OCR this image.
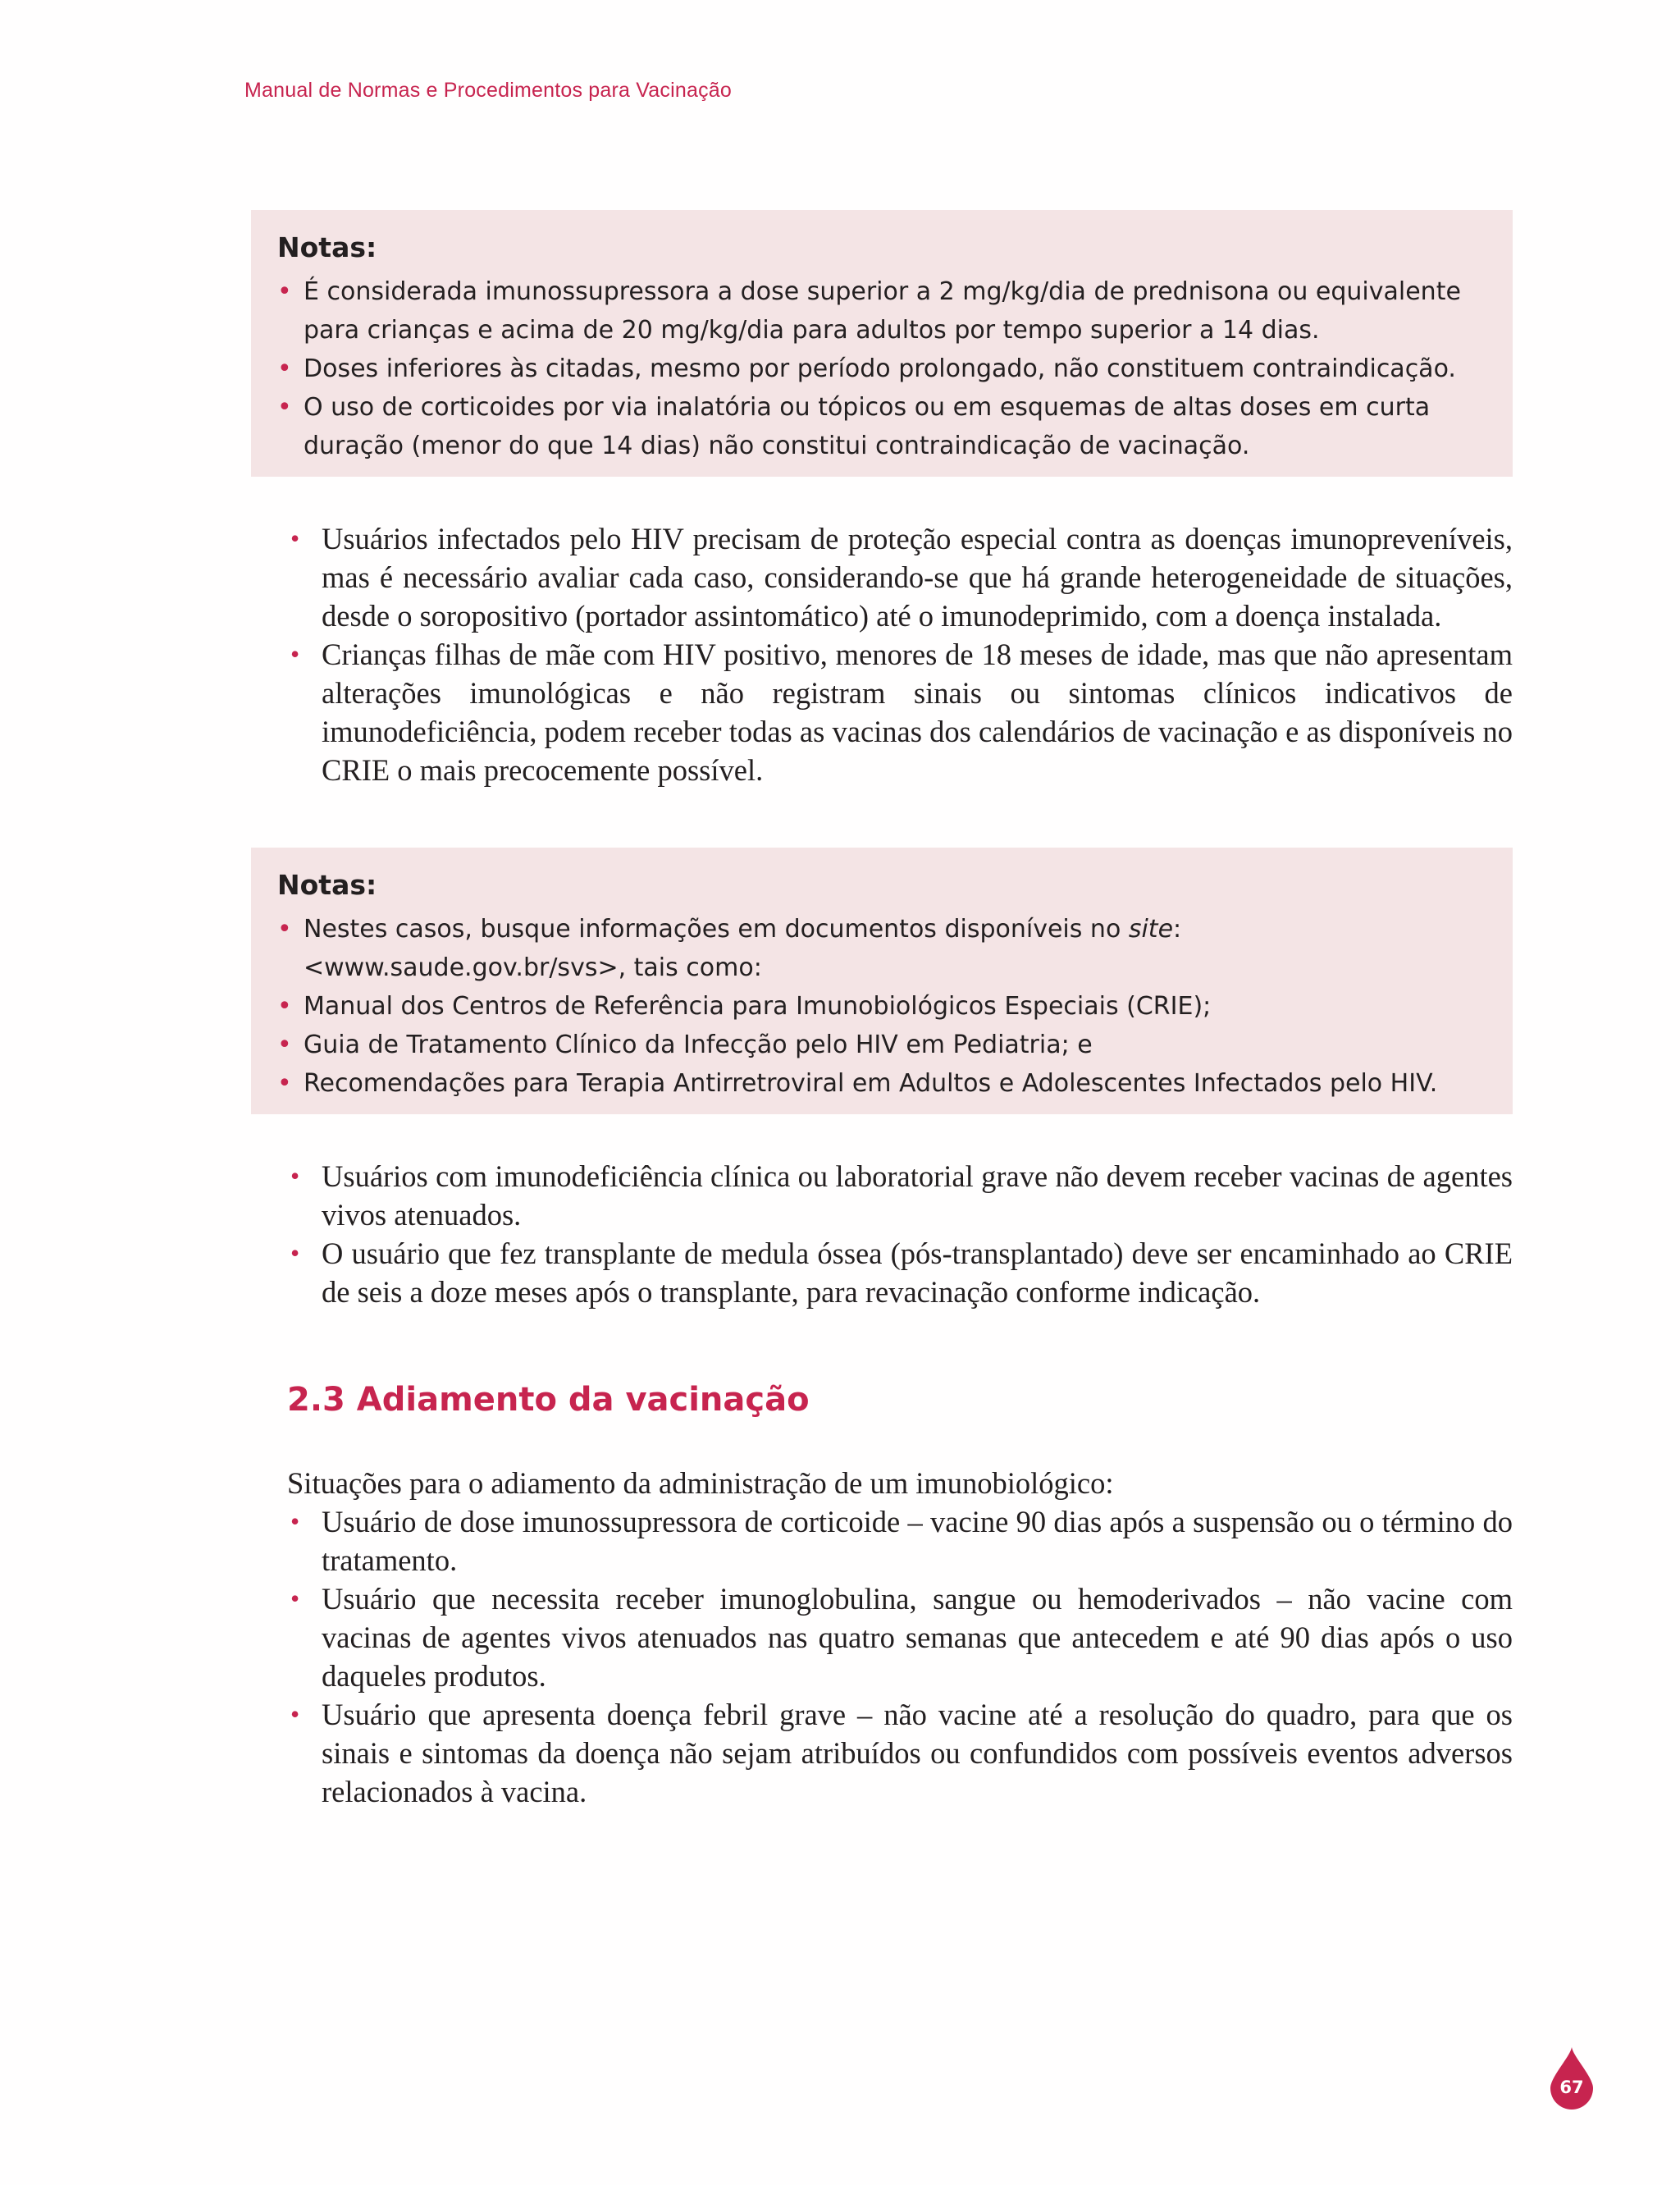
Manual de Normas e Procedimentos para Vacinação
Notas:
• É considerada imunossupressora a dose superior a 2 mg/kg/dia de prednisona ou equivalente para crianças e acima de 20 mg/kg/dia para adultos por tempo superior a 14 dias.
• Doses inferiores às citadas, mesmo por período prolongado, não constituem contraindicação.
• O uso de corticoides por via inalatória ou tópicos ou em esquemas de altas doses em curta duração (menor do que 14 dias) não constitui contraindicação de vacinação.
• Usuários infectados pelo HIV precisam de proteção especial contra as doenças imunopreveníveis, mas é necessário avaliar cada caso, considerando-se que há grande heterogeneidade de situações, desde o soropositivo (portador assintomático) até o imunodeprimido, com a doença instalada.
• Crianças filhas de mãe com HIV positivo, menores de 18 meses de idade, mas que não apresentam alterações imunológicas e não registram sinais ou sintomas clínicos indicativos de imunodeficiência, podem receber todas as vacinas dos calendários de vacinação e as disponíveis no CRIE o mais precocemente possível.
Notas:
• Nestes casos, busque informações em documentos disponíveis no site: <www.saude.gov.br/svs>, tais como:
• Manual dos Centros de Referência para Imunobiológicos Especiais (CRIE);
• Guia de Tratamento Clínico da Infecção pelo HIV em Pediatria; e
• Recomendações para Terapia Antirretroviral em Adultos e Adolescentes Infectados pelo HIV.
• Usuários com imunodeficiência clínica ou laboratorial grave não devem receber vacinas de agentes vivos atenuados.
• O usuário que fez transplante de medula óssea (pós-transplantado) deve ser encaminhado ao CRIE de seis a doze meses após o transplante, para revacinação conforme indicação.
2.3 Adiamento da vacinação
Situações para o adiamento da administração de um imunobiológico:
• Usuário de dose imunossupressora de corticoide – vacine 90 dias após a suspensão ou o término do tratamento.
• Usuário que necessita receber imunoglobulina, sangue ou hemoderivados – não vacine com vacinas de agentes vivos atenuados nas quatro semanas que antecedem e até 90 dias após o uso daqueles produtos.
• Usuário que apresenta doença febril grave – não vacine até a resolução do quadro, para que os sinais e sintomas da doença não sejam atribuídos ou confundidos com possíveis eventos adversos relacionados à vacina.
67
